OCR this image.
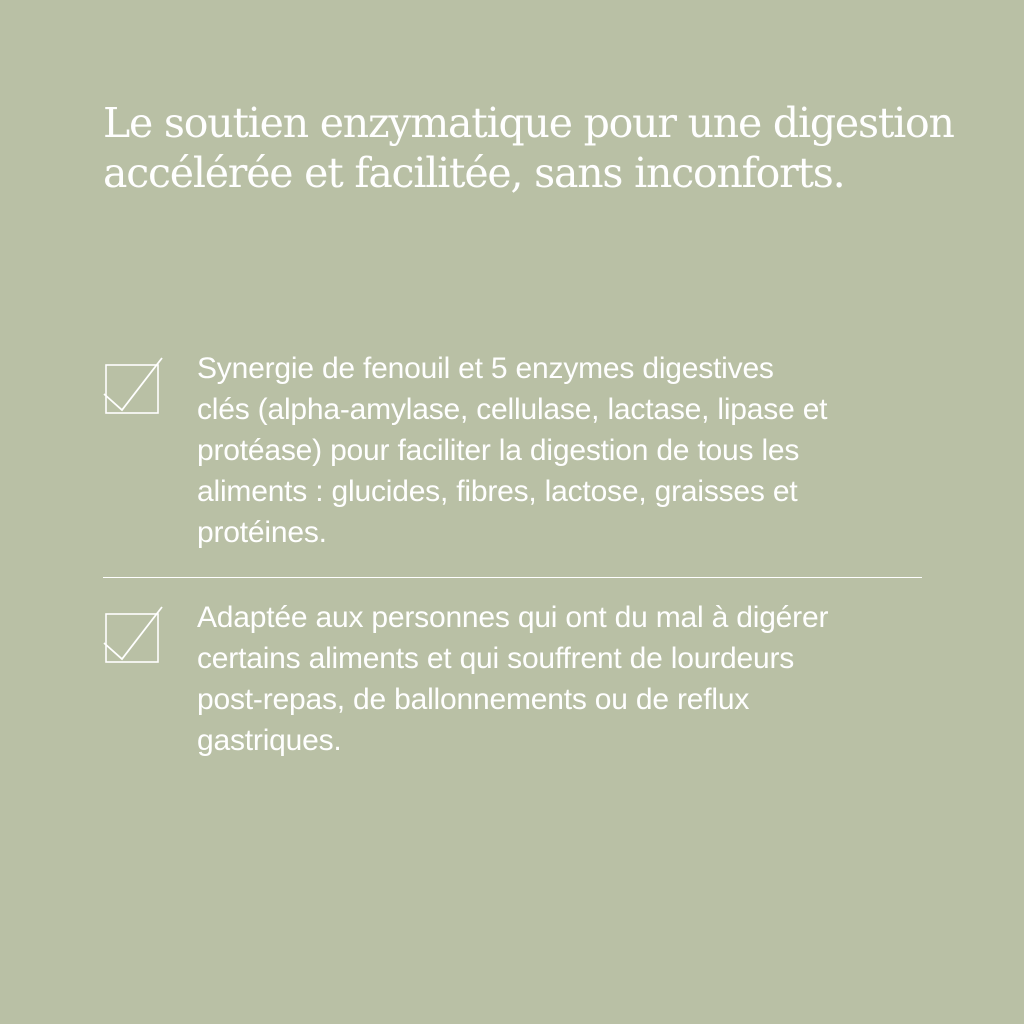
Le soutien enzymatique pour une digestion
accélérée et facilitée, sans inconforts.

Synergie de fenouil et 5 enzymes digestives
clés (alpha-amylase, cellulase, lactase, lipase et
protéase) pour faciliter la digestion de tous les
aliments : glucides, fibres, lactose, graisses et
protéines.

Adaptée aux personnes qui ont du mal à digérer
certains aliments et qui souffrent de lourdeurs
post-repas, de ballonnements ou de reflux
gastriques.
